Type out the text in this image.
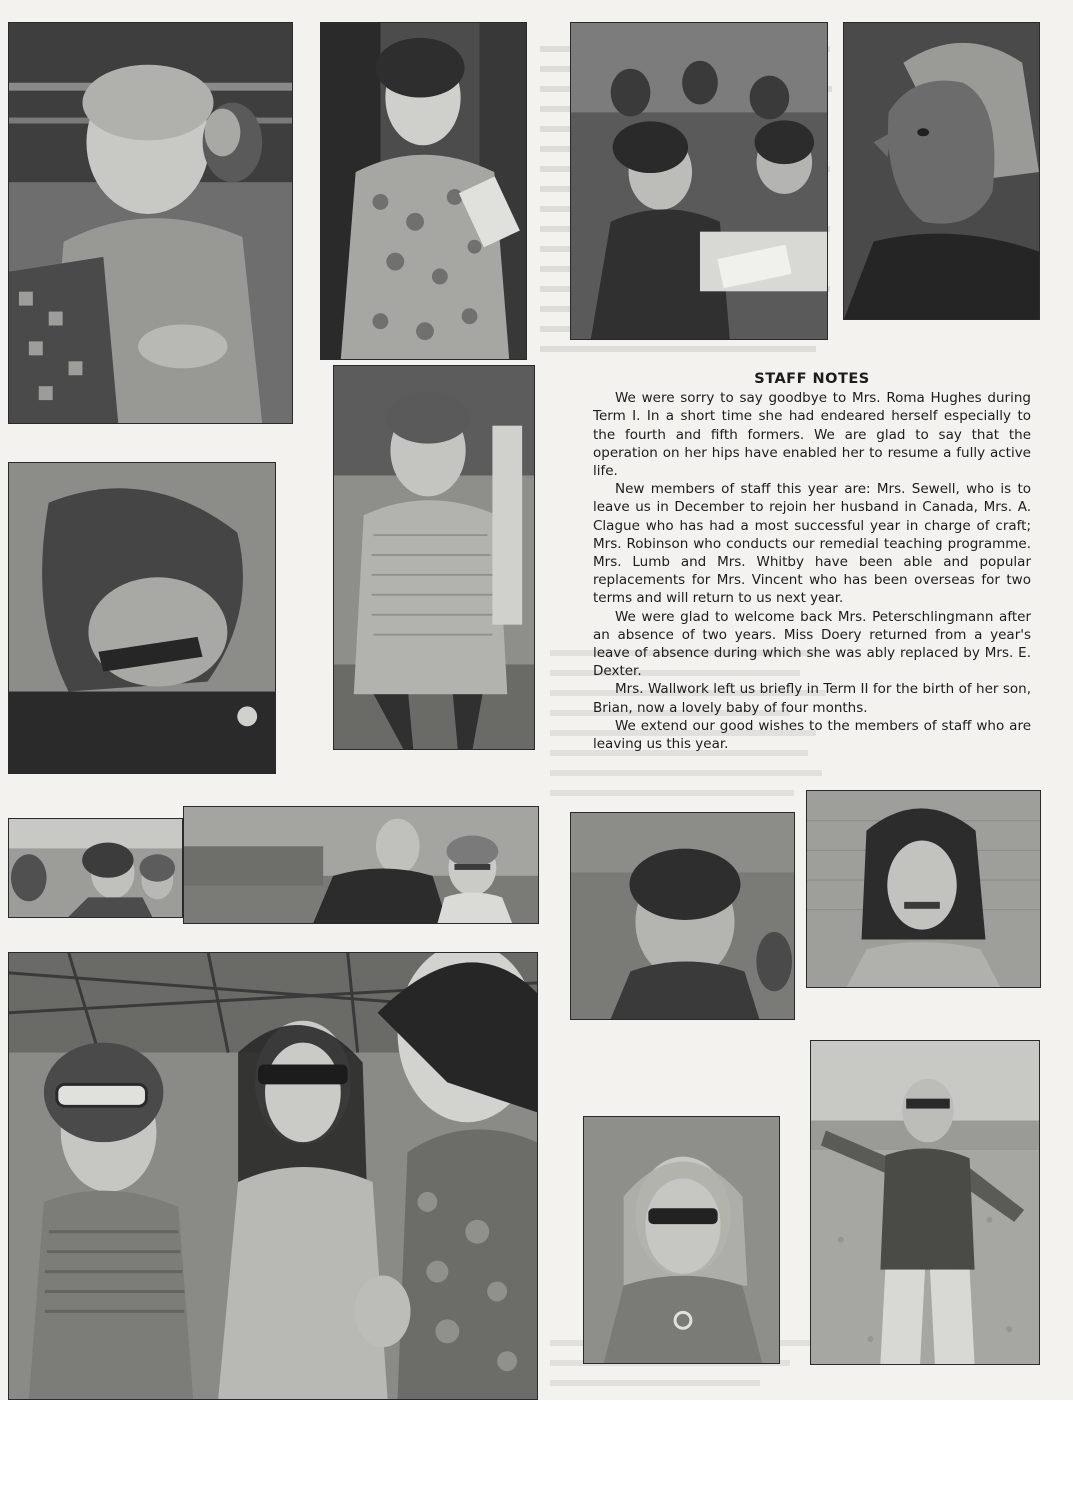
STAFF NOTES

We were sorry to say goodbye to Mrs. Roma Hughes during Term I. In a short time she had endeared herself especially to the fourth and fifth formers. We are glad to say that the operation on her hips have enabled her to resume a fully active life.

New members of staff this year are: Mrs. Sewell, who is to leave us in December to rejoin her husband in Canada, Mrs. A. Clague who has had a most successful year in charge of craft; Mrs. Robinson who conducts our remedial teaching programme. Mrs. Lumb and Mrs. Whitby have been able and popular replacements for Mrs. Vincent who has been overseas for two terms and will return to us next year.

We were glad to welcome back Mrs. Peterschlingmann after an absence of two years. Miss Doery returned from a year's leave of absence during which she was ably replaced by Mrs. E. Dexter.

Mrs. Wallwork left us briefly in Term II for the birth of her son, Brian, now a lovely baby of four months.

We extend our good wishes to the members of staff who are leaving us this year.
